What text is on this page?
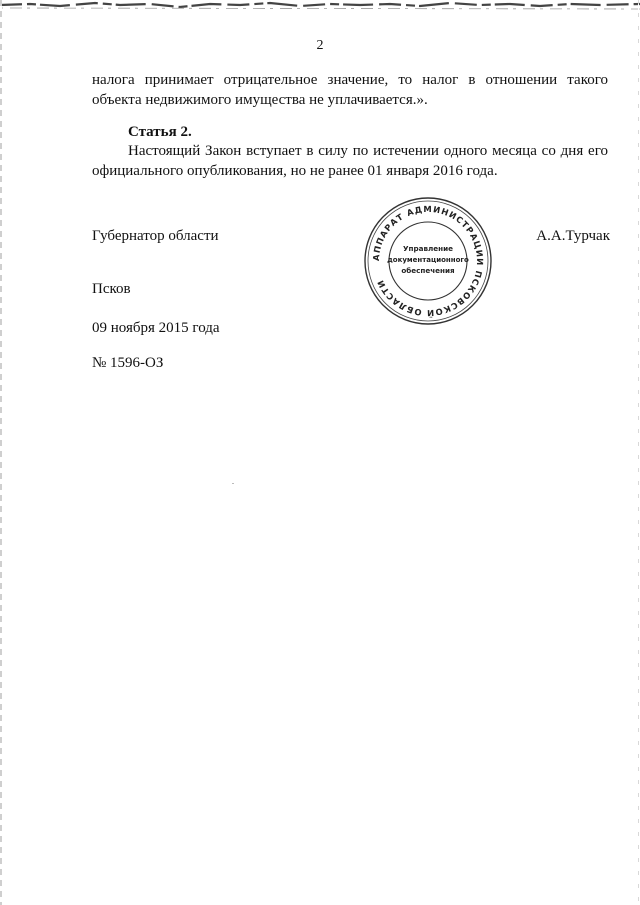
2
налога принимает отрицательное значение, то налог в отношении такого объекта недвижимого имущества не уплачивается.».
Статья 2.
Настоящий Закон вступает в силу по истечении одного месяца со дня его официального опубликования, но не ранее 01 января 2016 года.
Губернатор области	А.А.Турчак
АППАРАТ АДМИНИСТРАЦИИ ПСКОВСКОЙ ОБЛАСТИ
Управление
документационного
обеспечения
Псков
09 ноября 2015 года
№ 1596-ОЗ
